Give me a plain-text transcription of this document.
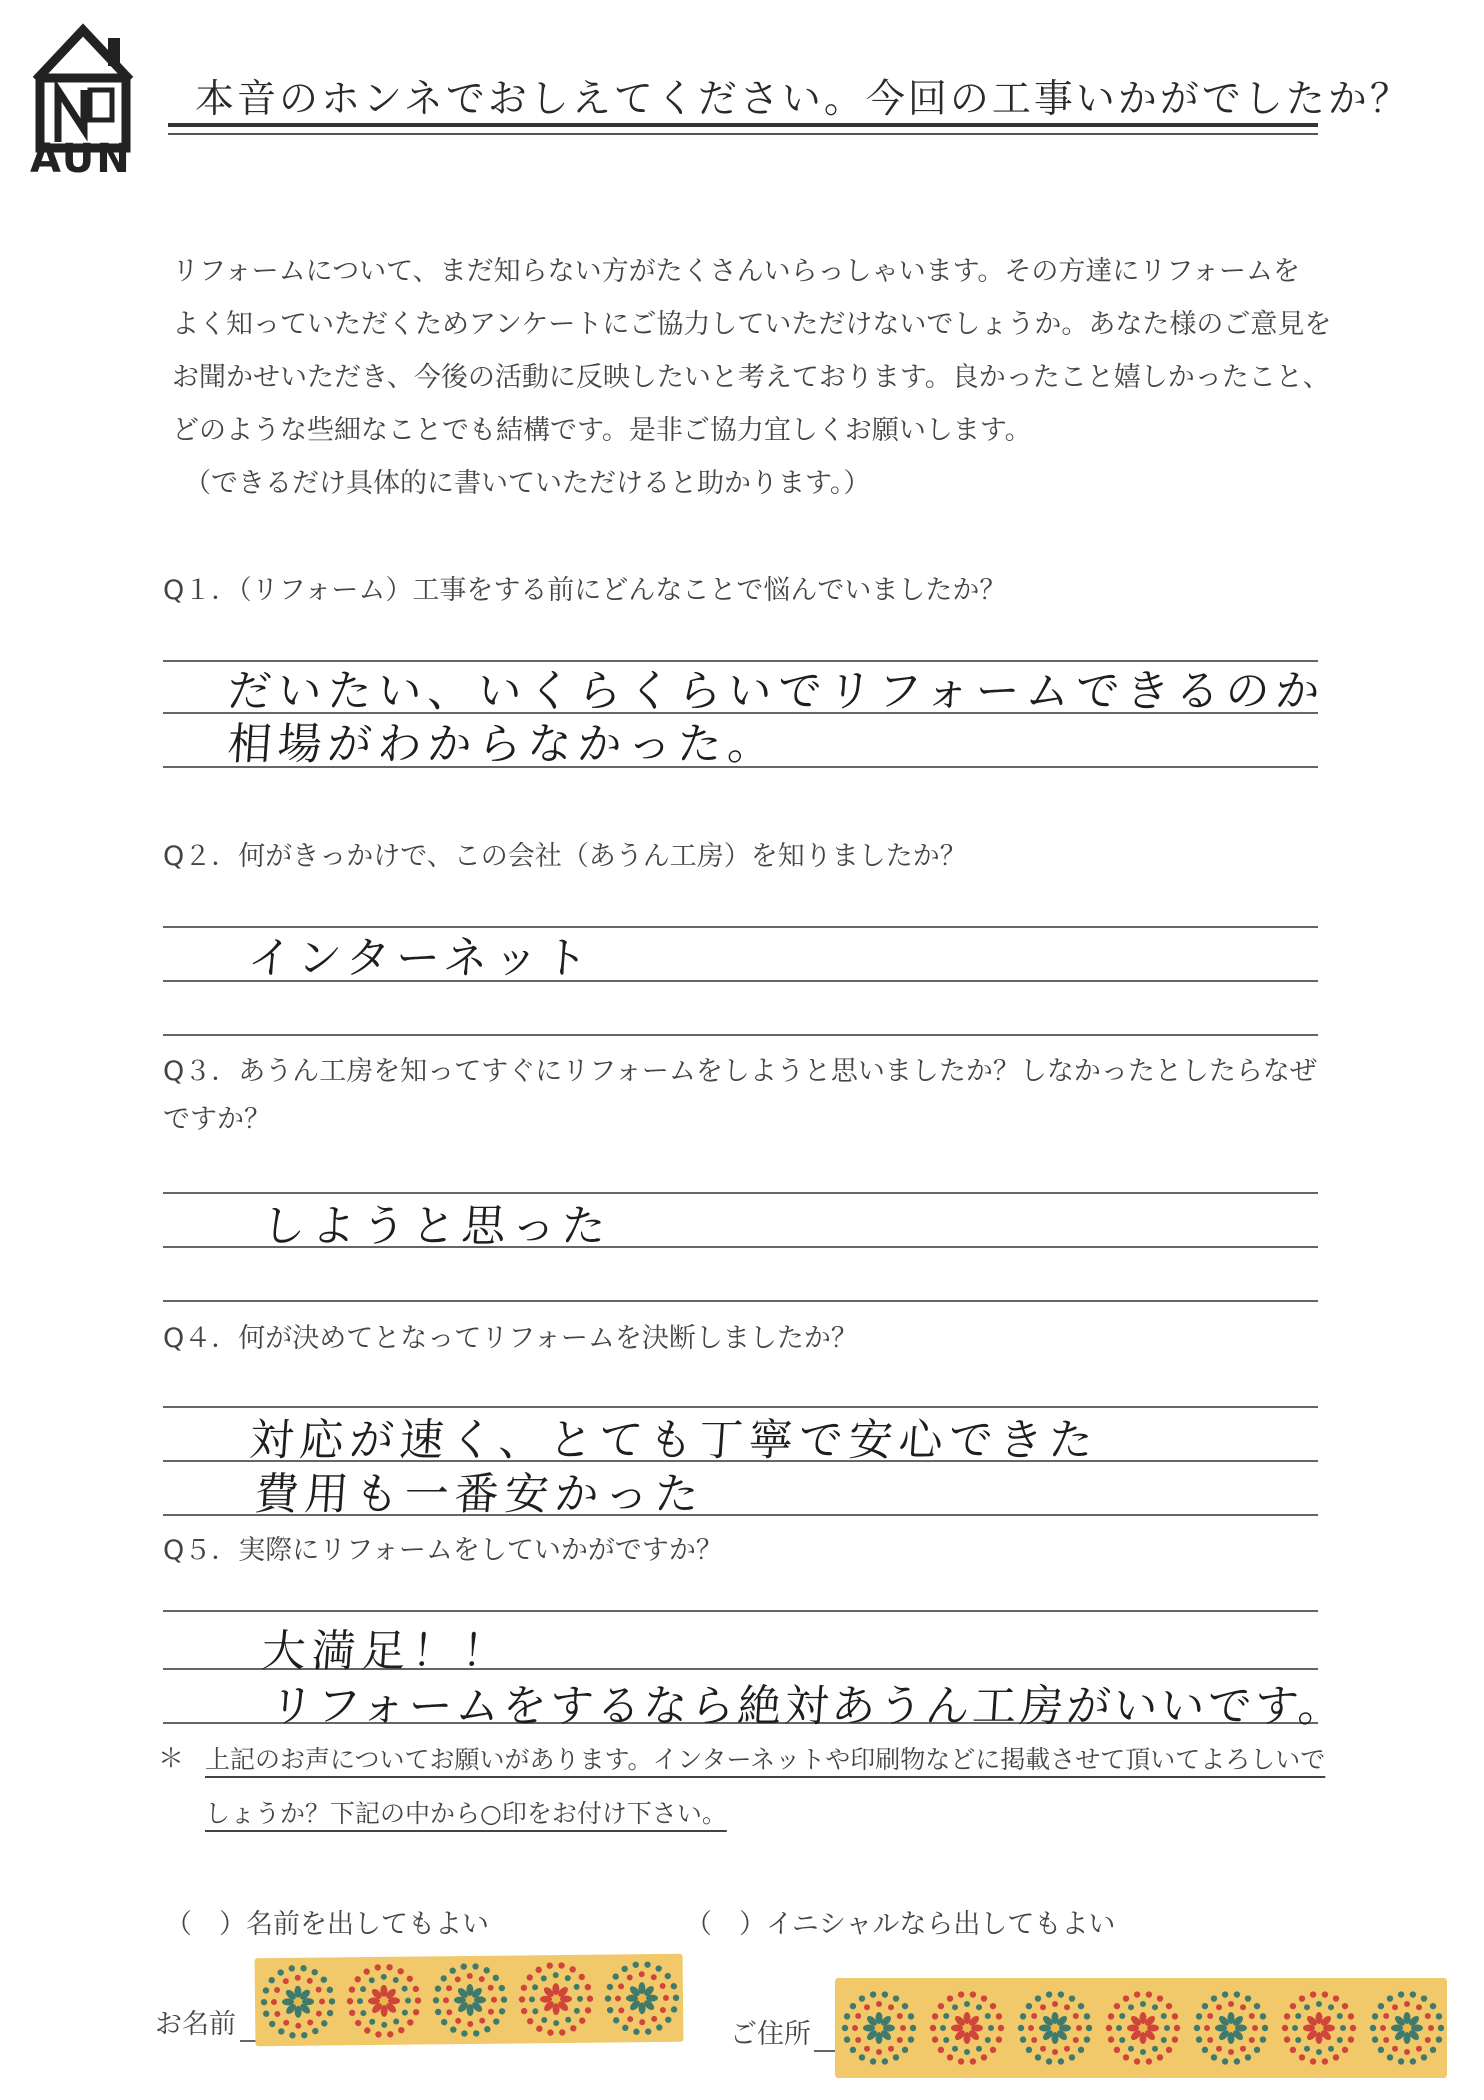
AUN
本音のホンネでおしえてください。今回の工事いかがでしたか？

リフォームについて、まだ知らない方がたくさんいらっしゃいます。その方達にリフォームを

よく知っていただくためアンケートにご協力していただけないでしょうか。あなた様のご意見を

お聞かせいただき、今後の活動に反映したいと考えております。良かったこと嬉しかったこと、

どのような些細なことでも結構です。是非ご協力宜しくお願いします。

（できるだけ具体的に書いていただけると助かります。）

Q１．（リフォーム）工事をする前にどんなことで悩んでいましたか？
だいたい、いくらくらいでリフォームできるのか
相場がわからなかった。
Q２．何がきっかけで、この会社（あうん工房）を知りましたか？
インターネット
Q３．あうん工房を知ってすぐにリフォームをしようと思いましたか？しなかったとしたらなぜですか？
しようと思った
Q４．何が決めてとなってリフォームを決断しましたか？
対応が速く、とても丁寧で安心できた
費用も一番安かった
Q５．実際にリフォームをしていかがですか？
大満足！！
リフォームをするなら絶対あうん工房がいいです。
＊ 上記のお声についてお願いがあります。インターネットや印刷物などに掲載させて頂いてよろしいで
しょうか？下記の中から○印をお付け下さい。
（　）名前を出してもよい	（　）イニシャルなら出してもよい
お名前	ご住所
